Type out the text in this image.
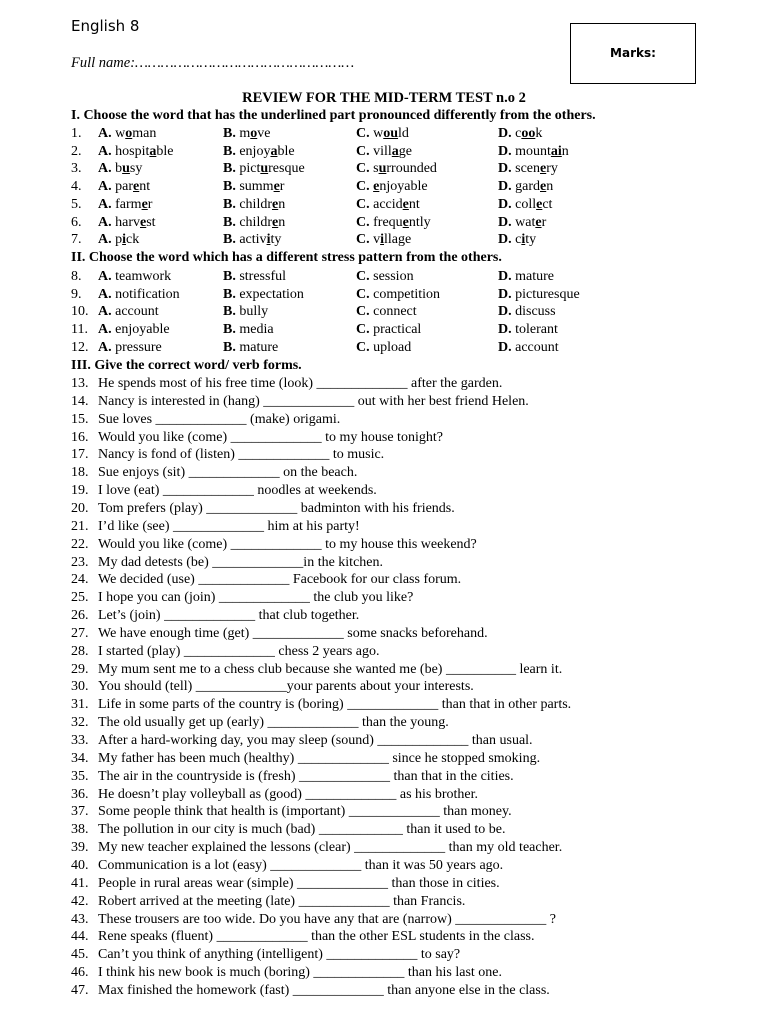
English 8
Full name:……………………………………………
Marks:
REVIEW FOR THE MID-TERM TEST n.o 2
I. Choose the word that has the underlined part pronounced differently from the others.
1. A. woman	B. move	C. would	D. cook
2. A. hospitable	B. enjoyable	C. village	D. mountain
3. A. busy	B. picturesque	C. surrounded	D. scenery
4. A. parent	B. summer	C. enjoyable	D. garden
5. A. farmer	B. children	C. accident	D. collect
6. A. harvest	B. children	C. frequently	D. water
7. A. pick	B. activity	C. village	D. city
II. Choose the word which has a different stress pattern from the others.
8. A. teamwork	B. stressful	C. session	D. mature
9. A. notification	B. expectation	C. competition	D. picturesque
10. A. account	B. bully	C. connect	D. discuss
11. A. enjoyable	B. media	C. practical	D. tolerant
12. A. pressure	B. mature	C. upload	D. account
III. Give the correct word/ verb forms.
13. He spends most of his free time (look) _____________ after the garden.
14. Nancy is interested in (hang) _____________ out with her best friend Helen.
15. Sue loves _____________ (make) origami.
16. Would you like (come) _____________ to my house tonight?
17. Nancy is fond of (listen) _____________ to music.
18. Sue enjoys (sit) _____________ on the beach.
19. I love (eat) _____________ noodles at weekends.
20. Tom prefers (play) _____________ badminton with his friends.
21. I’d like (see) _____________ him at his party!
22. Would you like (come) _____________ to my house this weekend?
23. My dad detests (be) _____________in the kitchen.
24. We decided (use) _____________ Facebook for our class forum.
25. I hope you can (join) _____________ the club you like?
26. Let’s (join) _____________ that club together.
27. We have enough time (get) _____________ some snacks beforehand.
28. I started (play) _____________ chess 2 years ago.
29. My mum sent me to a chess club because she wanted me (be) __________ learn it.
30. You should (tell) _____________your parents about your interests.
31. Life in some parts of the country is (boring) _____________ than that in other parts.
32. The old usually get up (early) _____________ than the young.
33. After a hard-working day, you may sleep (sound) _____________ than usual.
34. My father has been much (healthy) _____________ since he stopped smoking.
35. The air in the countryside is (fresh) _____________ than that in the cities.
36. He doesn’t play volleyball as (good) _____________ as his brother.
37. Some people think that health is (important) _____________ than money.
38. The pollution in our city is much (bad) ____________ than it used to be.
39. My new teacher explained the lessons (clear) _____________ than my old teacher.
40. Communication is a lot (easy) _____________ than it was 50 years ago.
41. People in rural areas wear (simple) _____________ than those in cities.
42. Robert arrived at the meeting (late) _____________ than Francis.
43. These trousers are too wide. Do you have any that are (narrow) _____________ ?
44. Rene speaks (fluent) _____________ than the other ESL students in the class.
45. Can’t you think of anything (intelligent) _____________ to say?
46. I think his new book is much (boring) _____________ than his last one.
47. Max finished the homework (fast) _____________ than anyone else in the class.
